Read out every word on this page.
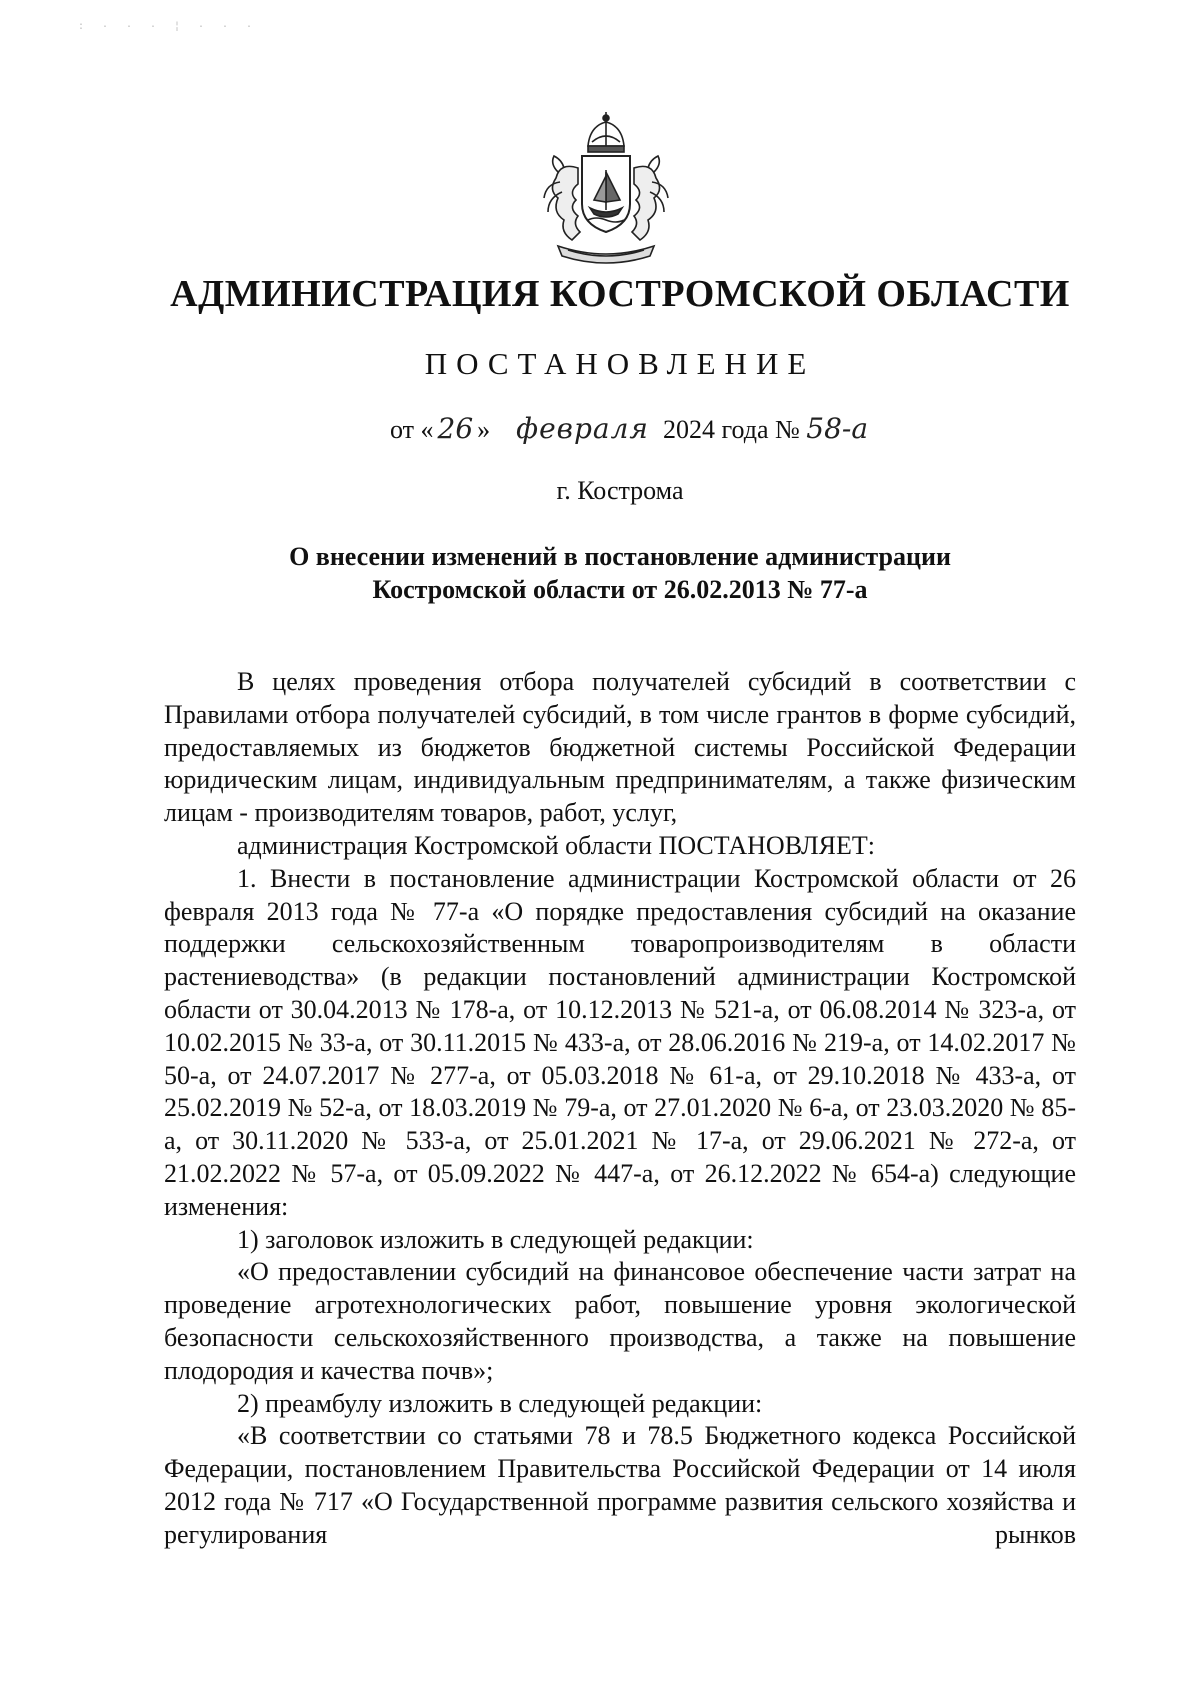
: · · · ¦ · · ·
АДМИНИСТРАЦИЯ КОСТРОМСКОЙ ОБЛАСТИ
ПОСТАНОВЛЕНИЕ
от « 26 » февраля 2024 года № 58-а
г. Кострома
О внесении изменений в постановление администрации
Костромской области от 26.02.2013 № 77-а

В целях проведения отбора получателей субсидий в соответствии с Правилами отбора получателей субсидий, в том числе грантов в форме субсидий, предоставляемых из бюджетов бюджетной системы Российской Федерации юридическим лицам, индивидуальным предпринимателям, а также физическим лицам - производителям товаров, работ, услуг,

администрация Костромской области ПОСТАНОВЛЯЕТ:

1. Внести в постановление администрации Костромской области от 26 февраля 2013 года № 77-а «О порядке предоставления субсидий на оказание поддержки сельскохозяйственным товаропроизводителям в области растениеводства» (в редакции постановлений администрации Костромской области от 30.04.2013 № 178-а, от 10.12.2013 № 521-а, от 06.08.2014 № 323-а, от 10.02.2015 № 33-а, от 30.11.2015 № 433-а, от 28.06.2016 № 219-а, от 14.02.2017 № 50-а, от 24.07.2017 № 277-а, от 05.03.2018 № 61-а, от 29.10.2018 № 433-а, от 25.02.2019 № 52-а, от 18.03.2019 № 79-а, от 27.01.2020 № 6-а, от 23.03.2020 № 85-а, от 30.11.2020 № 533-а, от 25.01.2021 № 17-а, от 29.06.2021 № 272-а, от 21.02.2022 № 57-а, от 05.09.2022 № 447-а, от 26.12.2022 № 654-а) следующие изменения:

1) заголовок изложить в следующей редакции:

«О предоставлении субсидий на финансовое обеспечение части затрат на проведение агротехнологических работ, повышение уровня экологической безопасности сельскохозяйственного производства, а также на повышение плодородия и качества почв»;

2) преамбулу изложить в следующей редакции:

«В соответствии со статьями 78 и 78.5 Бюджетного кодекса Российской Федерации, постановлением Правительства Российской Федерации от 14 июля 2012 года № 717 «О Государственной программе развития сельского хозяйства и регулирования рынков
